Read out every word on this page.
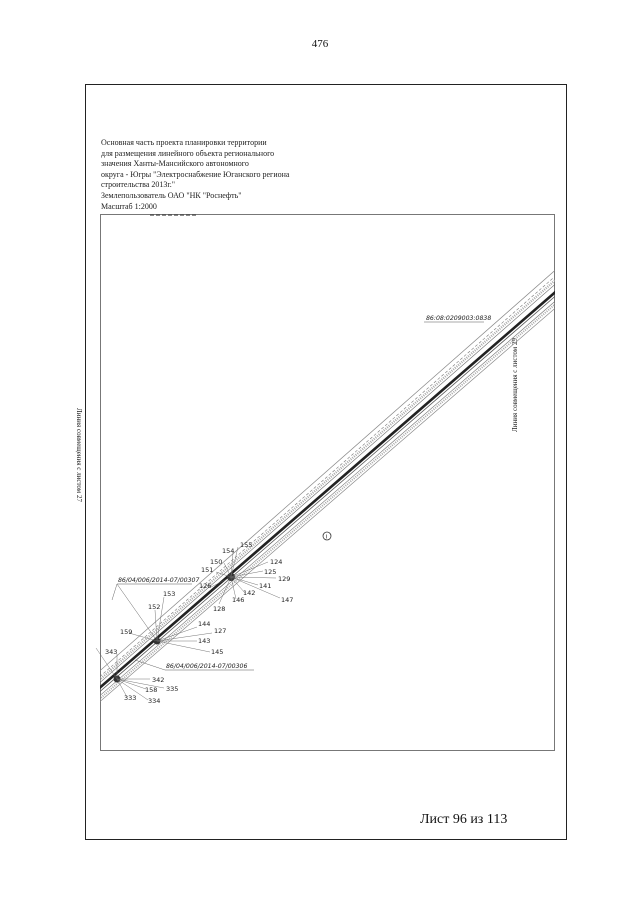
476
Основная часть проекта планировки территории
для размещения линейного объекта регионального
значения Ханты-Мансийского автономного
округа - Югры "Электроснабжение Юганского региона
строительства 2013г."
Землепользователь ОАО "НК "Роснефть"
Масштаб 1:2000
Линия совмещения с листом 27
Линия совмещения с листом 29
86:08:0209003:0838
86/04/006/2014-07/00307
86/04/006/2014-07/00306
I
155
154
150
151
124
125
129
141
142
146	147
126
153
152	128
144
127
143
145
159
343
342
158 335
333 334
Лист 96 из 113
